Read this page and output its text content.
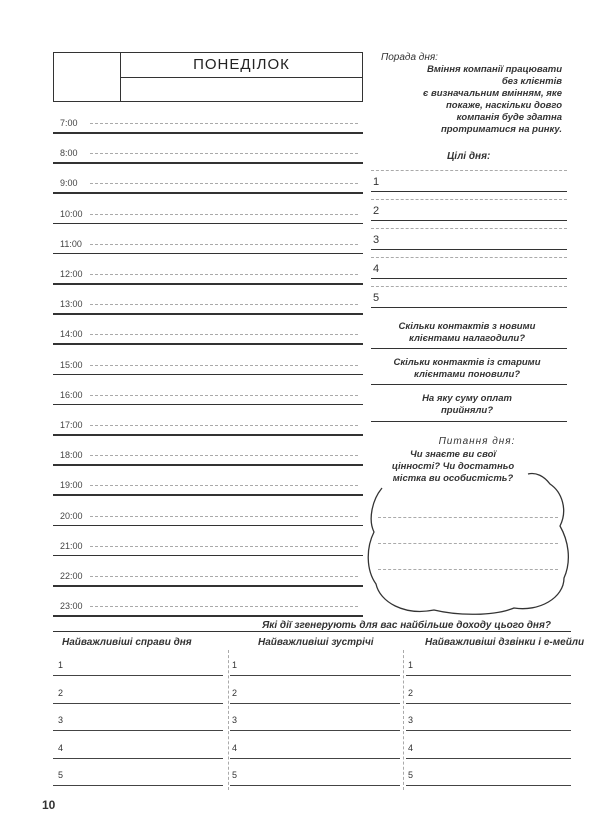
ПОНЕДІЛОК
7:00
8:00
9:00
10:00
11:00
12:00
13:00
14:00
15:00
16:00
17:00
18:00
19:00
20:00
21:00
22:00
23:00
Порада дня:
Вміння компанії працювати
без клієнтів
є визначальним вмінням, яке
покаже, наскільки довго
компанія буде здатна
протриматися на ринку.
Цілі дня:
1
2
3
4
5
Скільки контактів з новими
клієнтами налагодили?
Скільки контактів із старими
клієнтами поновили?
На яку суму оплат
прийняли?
Питання дня:
Чи знаєте ви свої
цінності? Чи достатньо
місткa ви особистість?
Які дії згенерують для вас найбільше доходу цього дня?
Найважливіші справи дня	Найважливіші зустрічі	Найважливіші дзвінки і е-мейли
1
2
3
4
5
1
2
3
4
5
1
2
3
4
5
10
